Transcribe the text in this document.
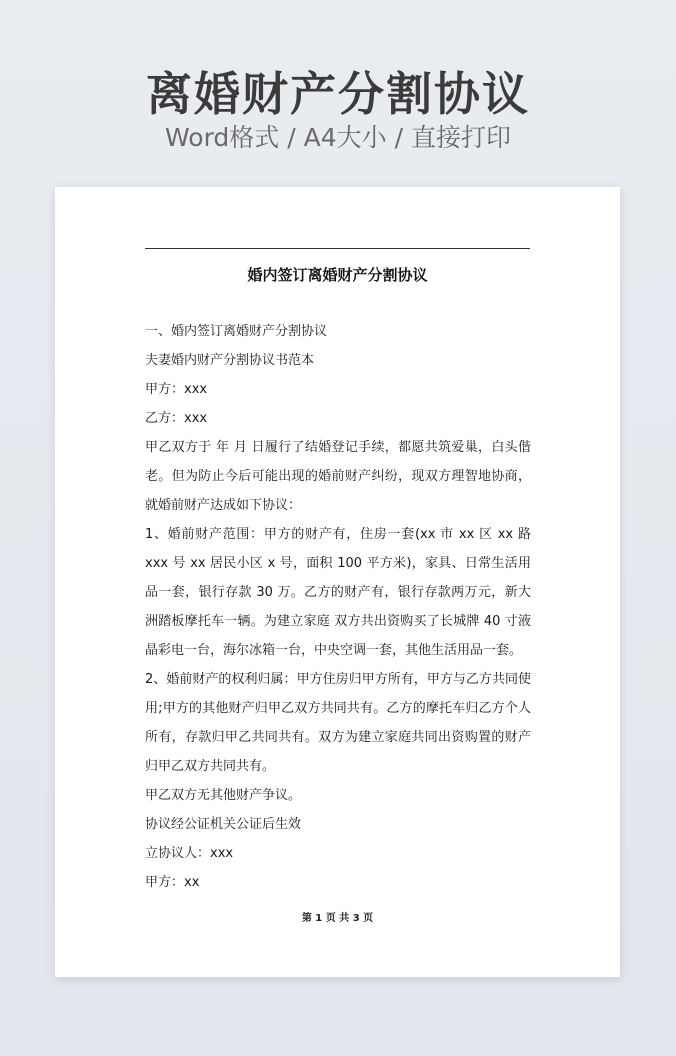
离婚财产分割协议
Word格式 / A4大小 / 直接打印
婚内签订离婚财产分割协议

一、婚内签订离婚财产分割协议

夫妻婚内财产分割协议书范本

甲方：xxx

乙方：xxx

甲乙双方于 年 月 日履行了结婚登记手续，都愿共筑爱巢，白头偕老。但为防止今后可能出现的婚前财产纠纷，现双方理智地协商，就婚前财产达成如下协议：

1、婚前财产范围：甲方的财产有，住房一套(xx 市 xx 区 xx 路 xxx 号 xx 居民小区 x 号，面积 100 平方米)，家具、日常生活用品一套，银行存款 30 万。乙方的财产有，银行存款两万元，新大洲踏板摩托车一辆。为建立家庭 双方共出资购买了长城牌 40 寸液晶彩电一台，海尔冰箱一台，中央空调一套，其他生活用品一套。

2、婚前财产的权利归属：甲方住房归甲方所有，甲方与乙方共同使用;甲方的其他财产归甲乙双方共同共有。乙方的摩托车归乙方个人所有，存款归甲乙共同共有。双方为建立家庭共同出资购置的财产归甲乙双方共同共有。

甲乙双方无其他财产争议。

协议经公证机关公证后生效

立协议人：xxx

甲方：xx

第 1 页 共 3 页
